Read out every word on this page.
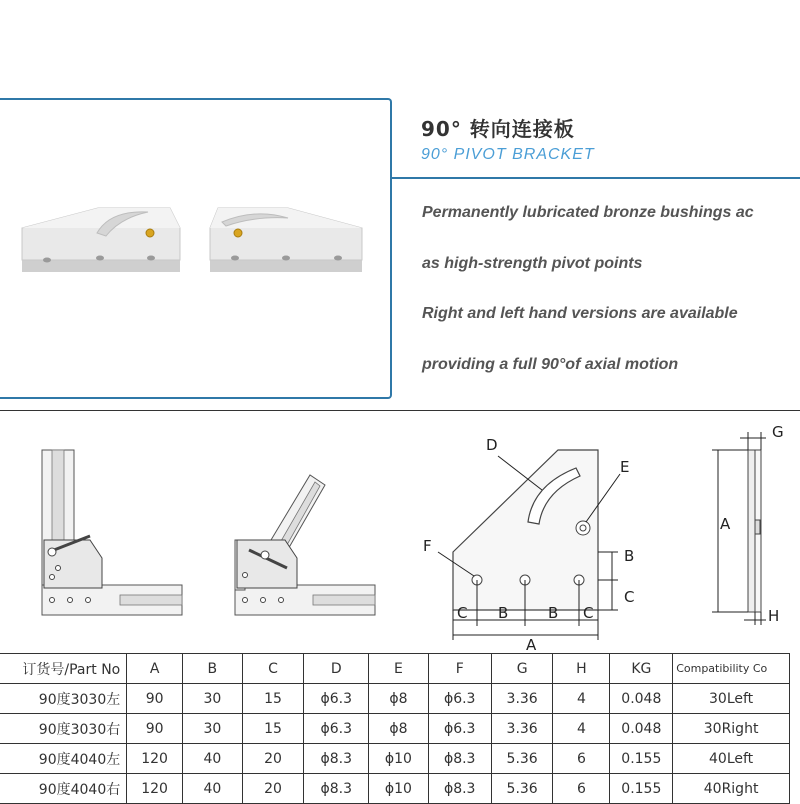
90° 转向连接板
90° PIVOT BRACKET
Permanently lubricated bronze bushings ac
as high-strength pivot points
Right and left hand versions are available
providing a full 90°of axial motion
D
E
F
B
C
C B	B C
A
G
A
H
订货号/Part No	A	B	C	D	E	F	G	H	KG	Compatibility Co
90度3030左	90	30	15	ϕ6.3	ϕ8	ϕ6.3	3.36	4	0.048	30Left
90度3030右	90	30	15	ϕ6.3	ϕ8	ϕ6.3	3.36	4	0.048	30Right
90度4040左	120	40	20	ϕ8.3	ϕ10	ϕ8.3	5.36	6	0.155	40Left
90度4040右	120	40	20	ϕ8.3	ϕ10	ϕ8.3	5.36	6	0.155	40Right
